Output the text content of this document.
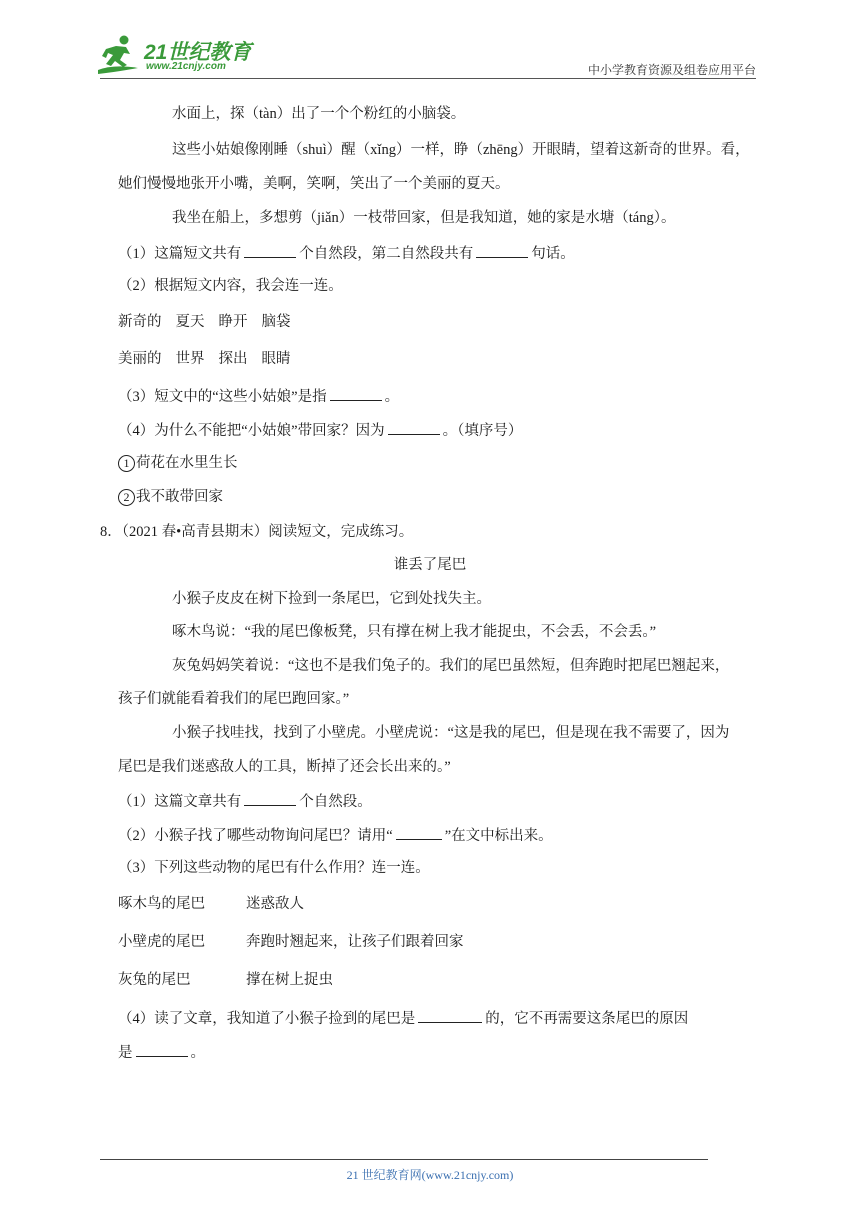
21世纪教育
www.21cnjy.com	中小学教育资源及组卷应用平台
水面上，探（tàn）出了一个个粉红的小脑袋。
这些小姑娘像刚睡（shuì）醒（xǐng）一样，睁（zhēng）开眼睛，望着这新奇的世界。看，
她们慢慢地张开小嘴，美啊，笑啊，笑出了一个美丽的夏天。
我坐在船上，多想剪（jiǎn）一枝带回家，但是我知道，她的家是水塘（táng）。
（1）这篇短文共有	个自然段，第二自然段共有	句话。
（2）根据短文内容，我会连一连。
新奇的 夏天 睁开 脑袋
美丽的 世界 探出 眼睛
（3）短文中的“这些小姑娘”是指	。
（4）为什么不能把“小姑娘”带回家？因为	。（填序号）
1 荷花在水里生长
2 我不敢带回家
8．（2021 春•高青县期末）阅读短文，完成练习。
谁丢了尾巴
小猴子皮皮在树下捡到一条尾巴，它到处找失主。
啄木鸟说：“我的尾巴像板凳，只有撑在树上我才能捉虫，不会丢，不会丢。”
灰兔妈妈笑着说：“这也不是我们兔子的。我们的尾巴虽然短，但奔跑时把尾巴翘起来，
孩子们就能看着我们的尾巴跑回家。”
小猴子找哇找，找到了小壁虎。小壁虎说：“这是我的尾巴，但是现在我不需要了，因为
尾巴是我们迷惑敌人的工具，断掉了还会长出来的。”
（1）这篇文章共有	个自然段。
（2）小猴子找了哪些动物询问尾巴？请用“	”在文中标出来。
（3）下列这些动物的尾巴有什么作用？连一连。
啄木鸟的尾巴	迷惑敌人
小壁虎的尾巴	奔跑时翘起来，让孩子们跟着回家
灰兔的尾巴	撑在树上捉虫
（4）读了文章，我知道了小猴子捡到的尾巴是	的，它不再需要这条尾巴的原因
是	。
21 世纪教育网(www.21cnjy.com)
